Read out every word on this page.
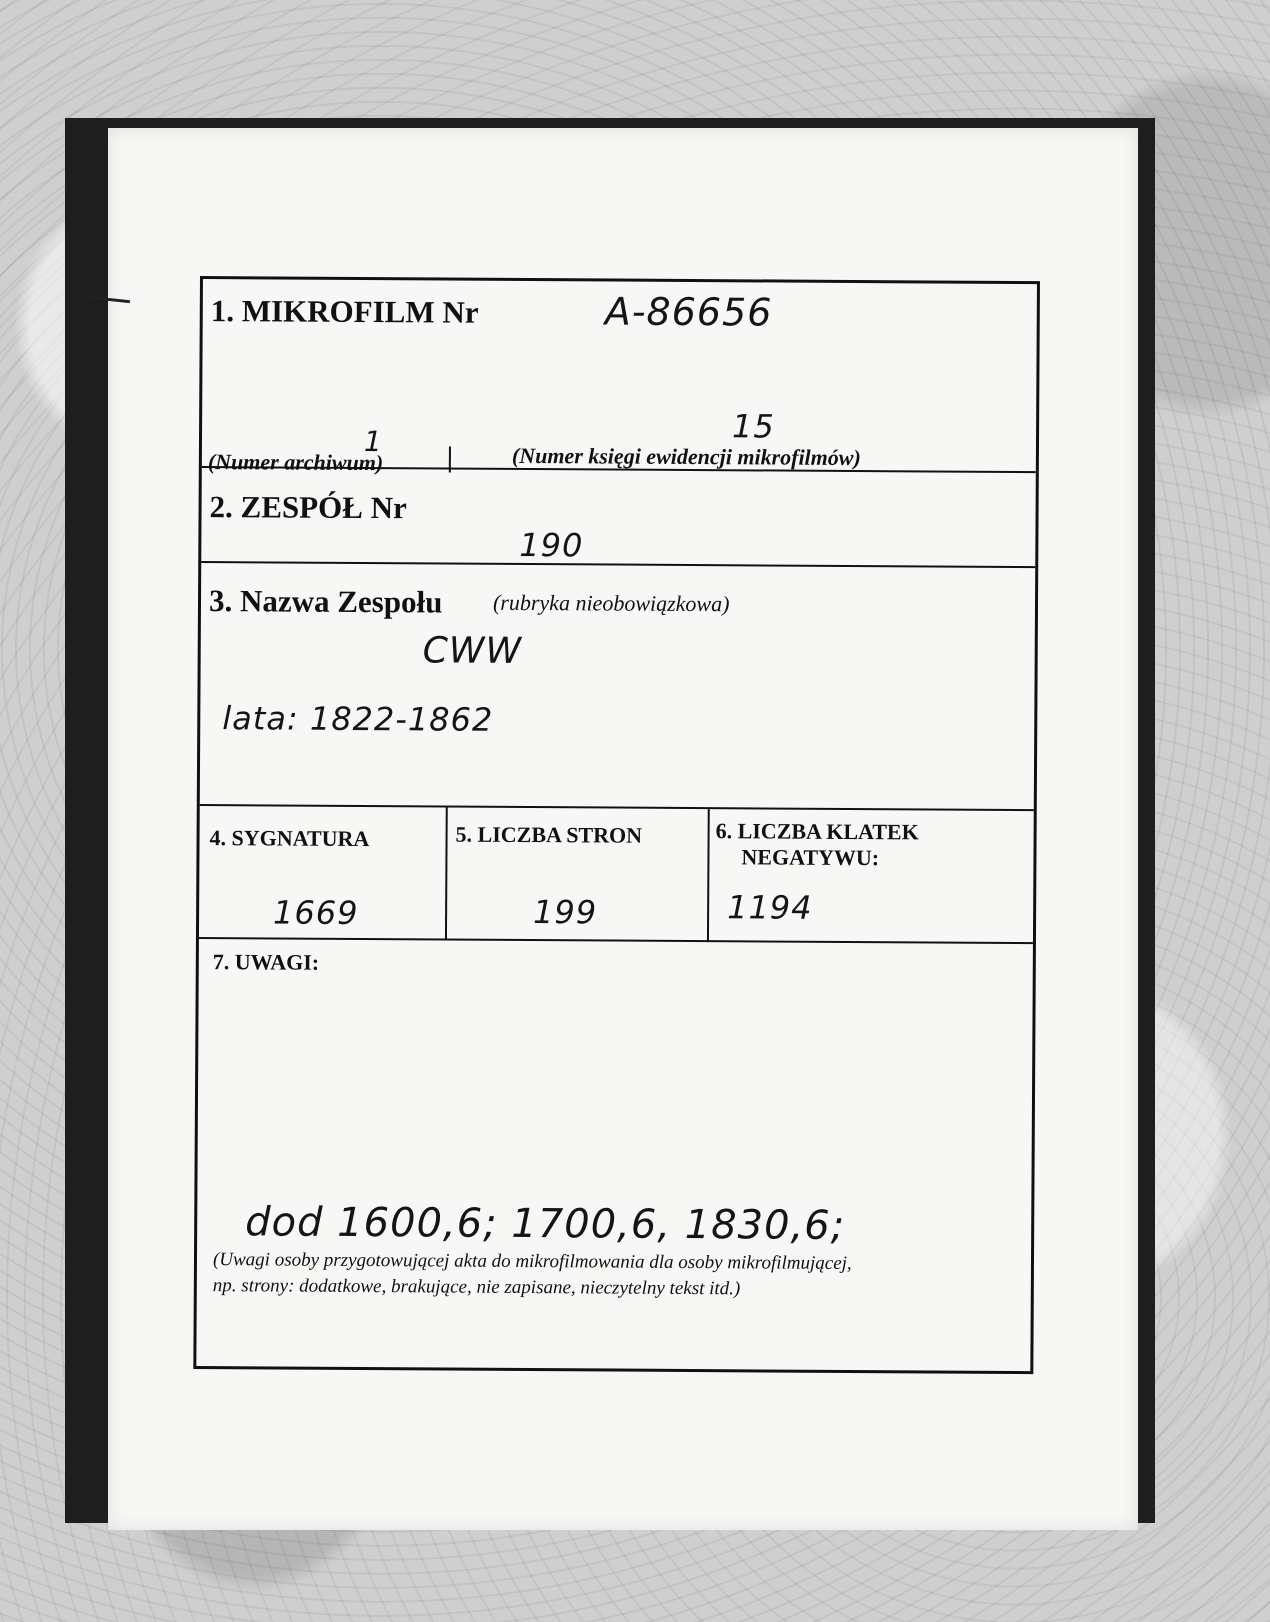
1. MIKROFILM Nr	A-86656
1	15
(Numer archiwum)	(Numer księgi ewidencji mikrofilmów)
2. ZESPÓŁ Nr
190
3. Nazwa Zespołu (rubryka nieobowiązkowa)
CWW
lata: 1822-1862
4. SYGNATURA
1669
5. LICZBA STRON
199
6. LICZBA KLATEK
NEGATYWU:
1194
7. UWAGI:
dod 1600,6; 1700,6, 1830,6;
(Uwagi osoby przygotowującej akta do mikrofilmowania dla osoby mikrofilmującej,
np. strony: dodatkowe, brakujące, nie zapisane, nieczytelny tekst itd.)
